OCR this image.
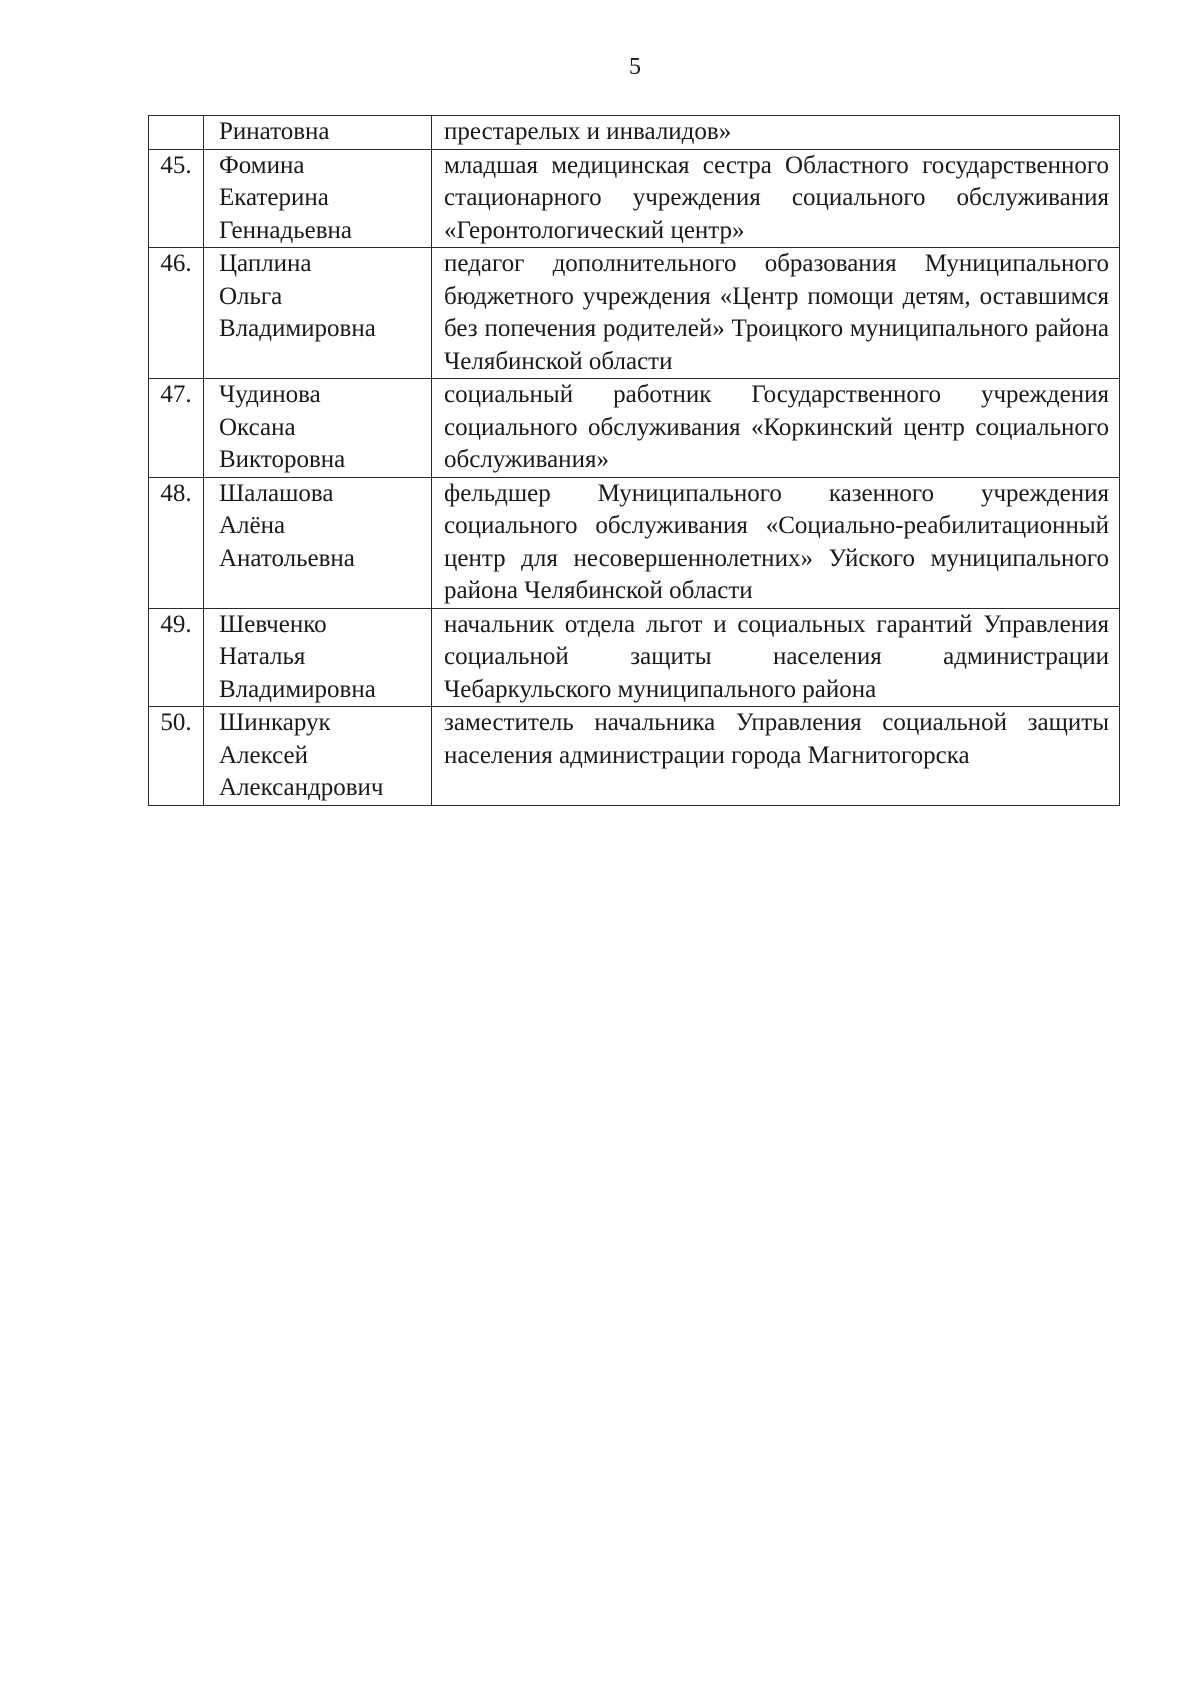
5

	Ринатовна	престарелых и инвалидов»

45.	Фомина
Екатерина
Геннадьевна	младшая медицинская сестра Областного государственного стационарного учреждения социального обслуживания «Геронтологический центр»

46.	Цаплина
Ольга
Владимировна	педагог дополнительного образования Муниципального бюджетного учреждения «Центр помощи детям, оставшимся без попечения родителей» Троицкого муниципального района Челябинской области

47.	Чудинова
Оксана
Викторовна	социальный работник Государственного учреждения социального обслуживания «Коркинский центр социального обслуживания»

48.	Шалашова
Алёна
Анатольевна	фельдшер Муниципального казенного учреждения социального обслуживания «Социально-реабилитационный центр для несовершеннолетних» Уйского муниципального района Челябинской области

49.	Шевченко
Наталья
Владимировна	начальник отдела льгот и социальных гарантий Управления социальной защиты населения администрации Чебаркульского муниципального района

50.	Шинкарук
Алексей
Александрович	заместитель начальника Управления социальной защиты населения администрации города Магнитогорска
